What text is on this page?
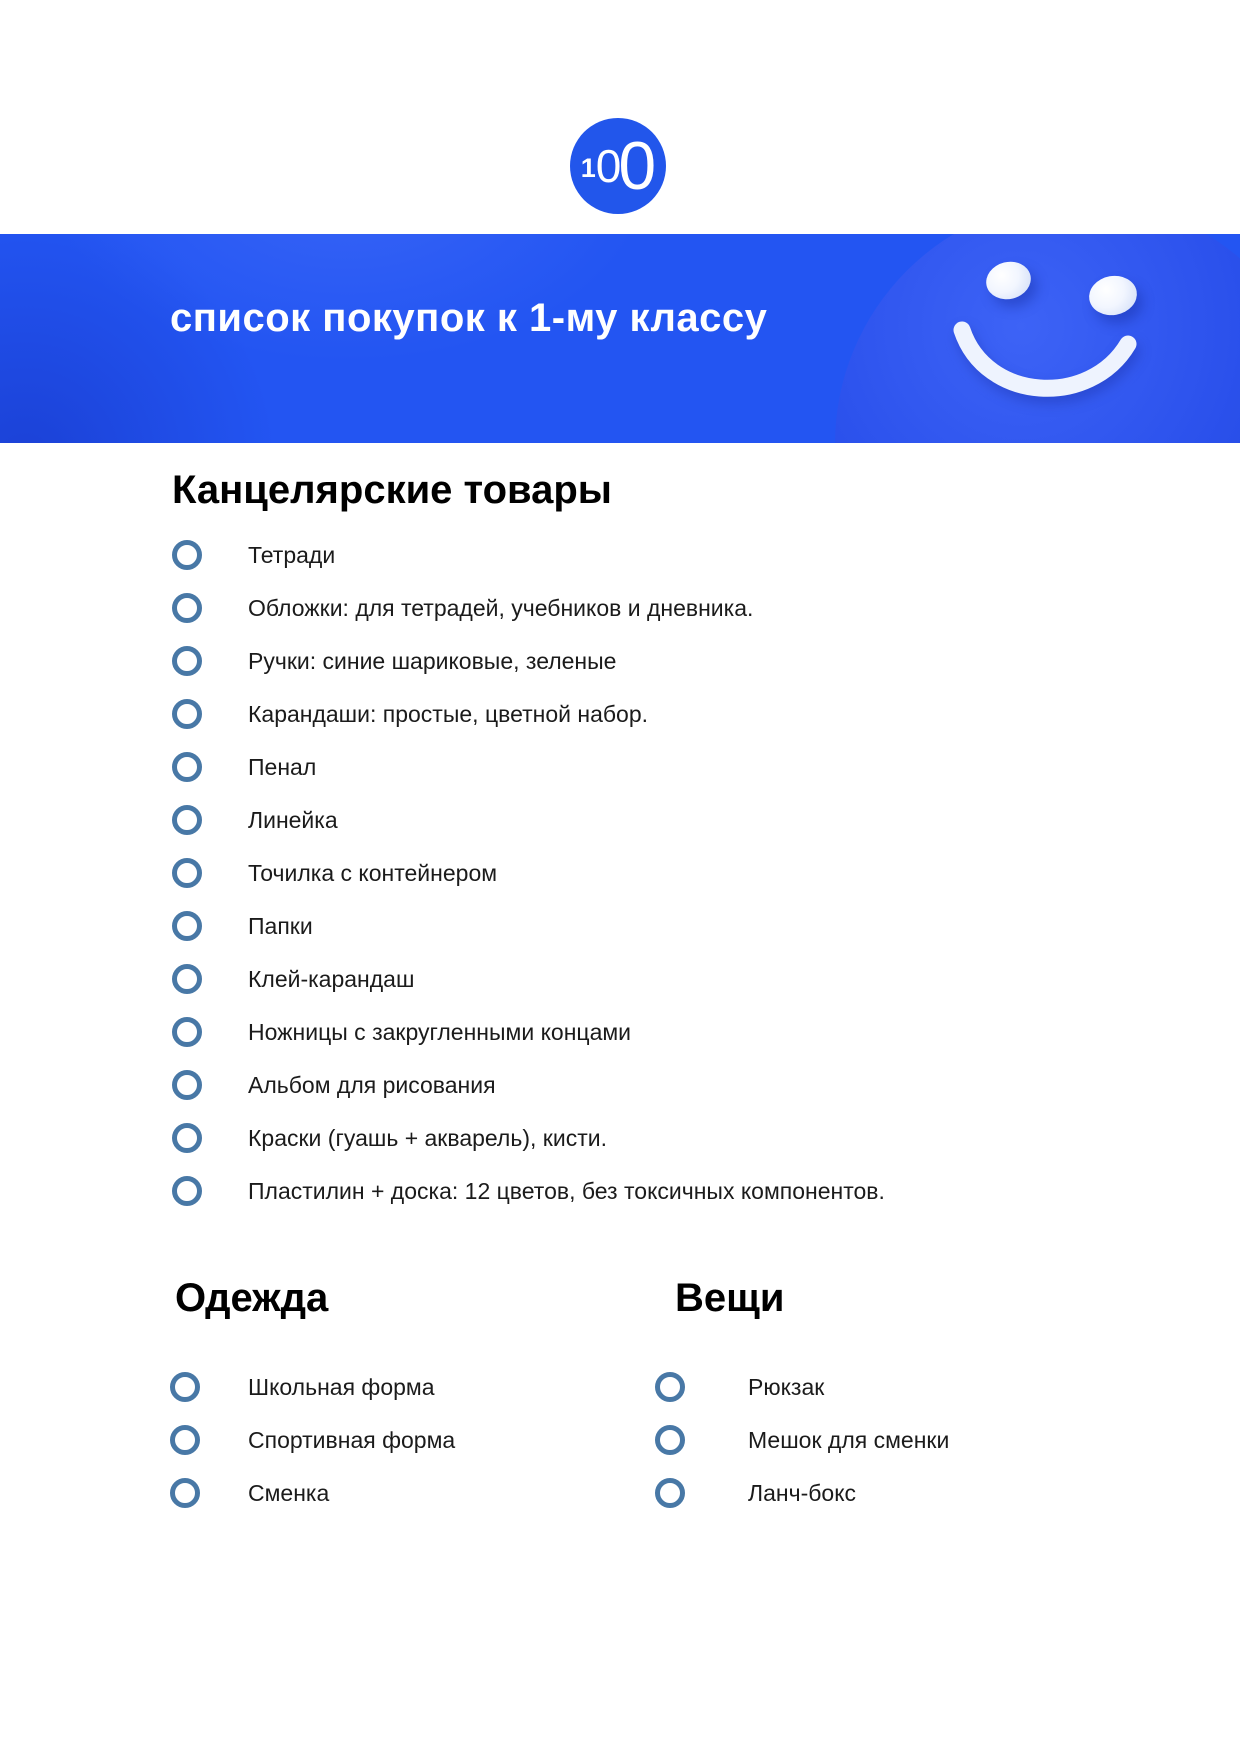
1 0
0
список покупок к 1-му классу
Канцелярские товары
Тетради
Обложки: для тетрадей, учебников и дневника.
Ручки: синие шариковые, зеленые
Карандаши: простые, цветной набор.
Пенал
Линейка
Точилка с контейнером
Папки
Клей-карандаш
Ножницы с закругленными концами
Альбом для рисования
Краски (гуашь + акварель), кисти.
Пластилин + доска: 12 цветов, без токсичных компонентов.
Одежда
Школьная форма
Спортивная форма
Сменка
Вещи
Рюкзак
Мешок для сменки
Ланч-бокс
